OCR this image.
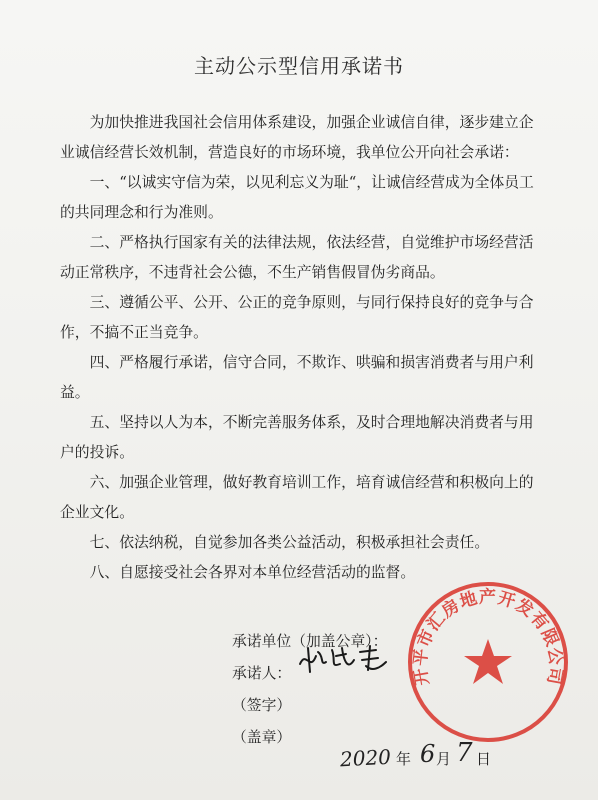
主动公示型信用承诺书

为加快推进我国社会信用体系建设，加强企业诚信自律，逐步建立企业诚信经营长效机制，营造良好的市场环境，我单位公开向社会承诺：

一、“以诚实守信为荣，以见利忘义为耻“，让诚信经营成为全体员工的共同理念和行为准则。

二、严格执行国家有关的法律法规，依法经营，自觉维护市场经营活动正常秩序，不违背社会公德，不生产销售假冒伪劣商品。

三、遵循公平、公开、公正的竞争原则，与同行保持良好的竞争与合作，不搞不正当竞争。

四、严格履行承诺，信守合同，不欺诈、哄骗和损害消费者与用户利益。

五、坚持以人为本，不断完善服务体系，及时合理地解决消费者与用户的投诉。

六、加强企业管理，做好教育培训工作，培育诚信经营和积极向上的企业文化。

七、依法纳税，自觉参加各类公益活动，积极承担社会责任。

八、自愿接受社会各界对本单位经营活动的监督。

承诺单位（加盖公章）：
承诺人：
（签字）
（盖章）
2020 年 6 月 7 日
开平市汇房地产开发有限公司
